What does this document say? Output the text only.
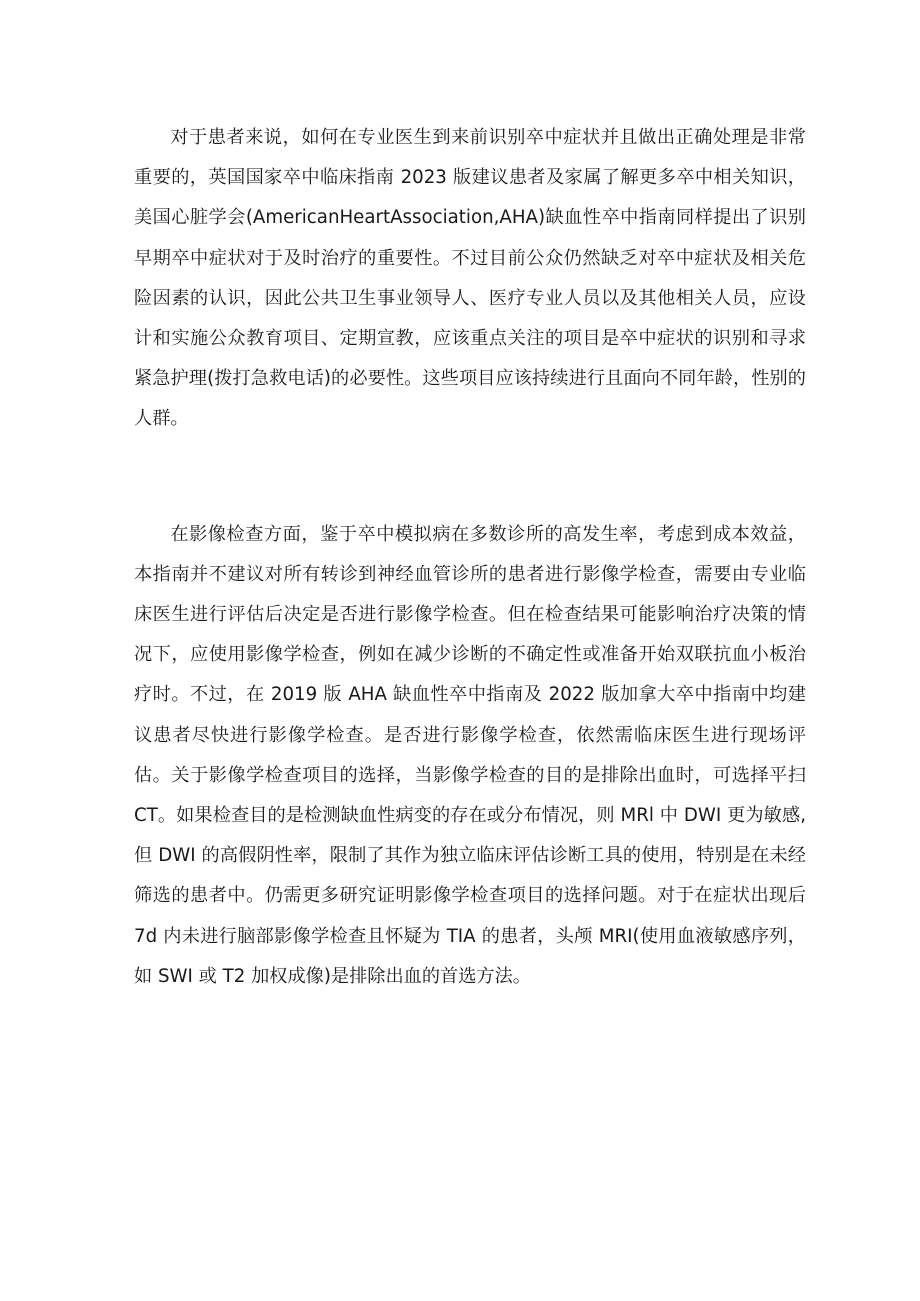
对于患者来说，如何在专业医生到来前识别卒中症状并且做出正确处理是非常重要的，英国国家卒中临床指南 2023 版建议患者及家属了解更多卒中相关知识，美国心脏学会(AmericanHeartAssociation,AHA)缺血性卒中指南同样提出了识别早期卒中症状对于及时治疗的重要性。不过目前公众仍然缺乏对卒中症状及相关危险因素的认识，因此公共卫生事业领导人、医疗专业人员以及其他相关人员，应设计和实施公众教育项目、定期宣教，应该重点关注的项目是卒中症状的识别和寻求紧急护理(拨打急救电话)的必要性。这些项目应该持续进行且面向不同年龄，性别的人群。

在影像检查方面，鉴于卒中模拟病在多数诊所的高发生率，考虑到成本效益，本指南并不建议对所有转诊到神经血管诊所的患者进行影像学检查，需要由专业临床医生进行评估后决定是否进行影像学检查。但在检查结果可能影响治疗决策的情况下，应使用影像学检查，例如在减少诊断的不确定性或准备开始双联抗血小板治疗时。不过，在 2019 版 AHA 缺血性卒中指南及 2022 版加拿大卒中指南中均建议患者尽快进行影像学检查。是否进行影像学检查，依然需临床医生进行现场评估。关于影像学检查项目的选择，当影像学检查的目的是排除出血时，可选择平扫 CT。如果检查目的是检测缺血性病变的存在或分布情况，则 MRl 中 DWI 更为敏感,但 DWI 的高假阴性率，限制了其作为独立临床评估诊断工具的使用，特别是在未经筛选的患者中。仍需更多研究证明影像学检查项目的选择问题。对于在症状出现后 7d 内未进行脑部影像学检查且怀疑为 TIA 的患者，头颅 MRI(使用血液敏感序列，如 SWI 或 T2 加权成像)是排除出血的首选方法。
